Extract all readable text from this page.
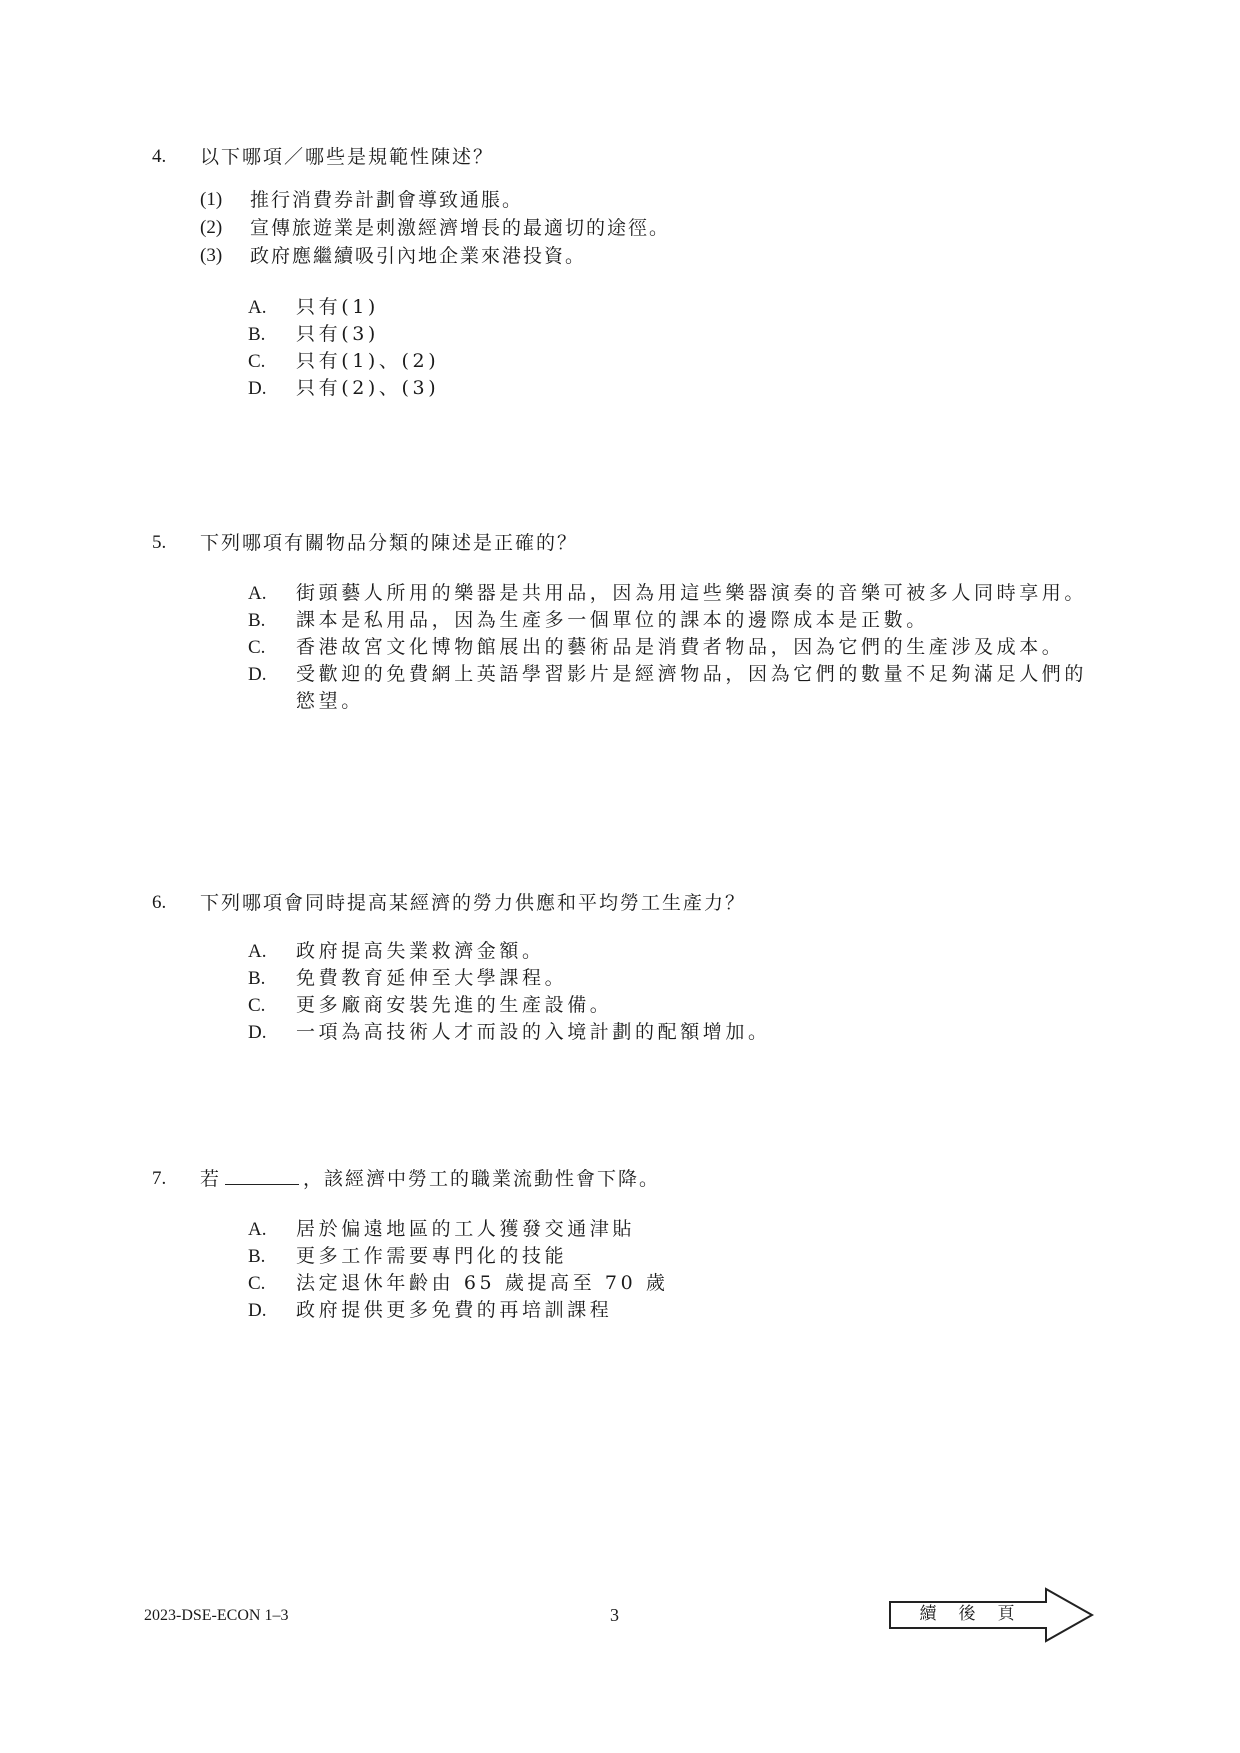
4. 以下哪項／哪些是規範性陳述？
(1) 推行消費券計劃會導致通脹。
(2) 宣傳旅遊業是刺激經濟增長的最適切的途徑。
(3) 政府應繼續吸引內地企業來港投資。
A. 只有(1)
B. 只有(3)
C. 只有(1)、(2)
D. 只有(2)、(3)
5. 下列哪項有關物品分類的陳述是正確的？
A. 街頭藝人所用的樂器是共用品，因為用這些樂器演奏的音樂可被多人同時享用。
B. 課本是私用品，因為生產多一個單位的課本的邊際成本是正數。
C. 香港故宮文化博物館展出的藝術品是消費者物品，因為它們的生產涉及成本。
D. 受歡迎的免費網上英語學習影片是經濟物品，因為它們的數量不足夠滿足人們的慾望。
6. 下列哪項會同時提高某經濟的勞力供應和平均勞工生產力？
A. 政府提高失業救濟金額。
B. 免費教育延伸至大學課程。
C. 更多廠商安裝先進的生產設備。
D. 一項為高技術人才而設的入境計劃的配額增加。
7. 若	，該經濟中勞工的職業流動性會下降。
A. 居於偏遠地區的工人獲發交通津貼
B. 更多工作需要專門化的技能
C. 法定退休年齡由 65 歲提高至 70 歲
D. 政府提供更多免費的再培訓課程
2023-DSE-ECON 1–3	3	續後頁
